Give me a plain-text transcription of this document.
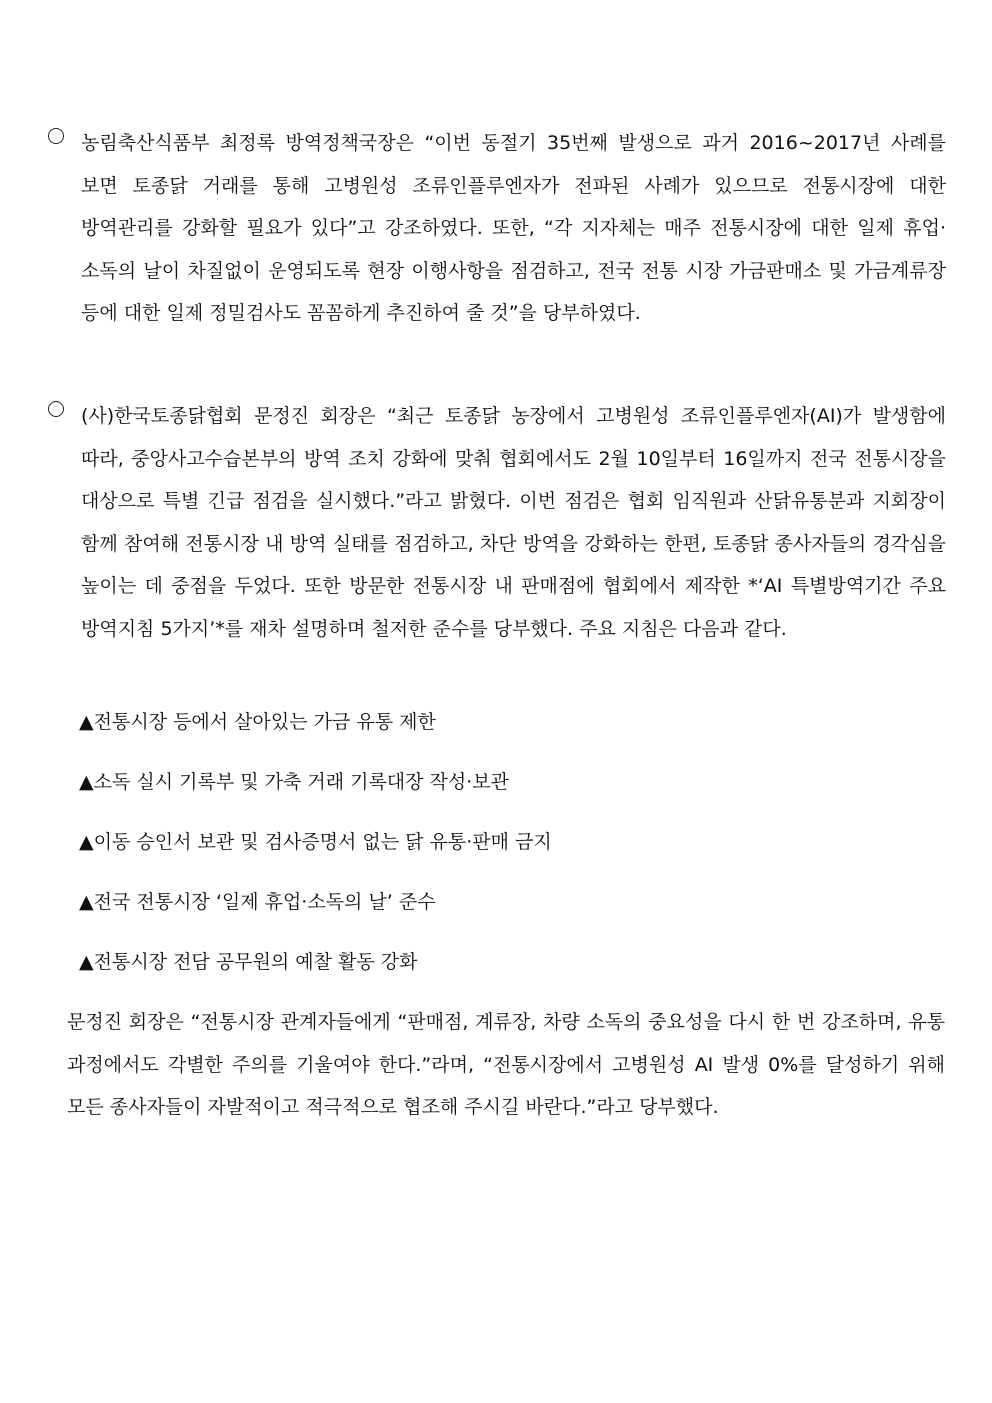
농림축산식품부 최정록 방역정책국장은 “이번 동절기 35번째 발생으로 과거 2016~2017년 사례를 보면 토종닭 거래를 통해 고병원성 조류인플루엔자가 전파된 사례가 있으므로 전통시장에 대한 방역관리를 강화할 필요가 있다”고 강조하였다. 또한, “각 지자체는 매주 전통시장에 대한 일제 휴업·소독의 날이 차질없이 운영되도록 현장 이행사항을 점검하고, 전국 전통 시장 가금판매소 및 가금계류장 등에 대한 일제 정밀검사도 꼼꼼하게 추진하여 줄 것”을 당부하였다.
(사)한국토종닭협회 문정진 회장은 “최근 토종닭 농장에서 고병원성 조류인플루엔자(AI)가 발생함에 따라, 중앙사고수습본부의 방역 조치 강화에 맞춰 협회에서도 2월 10일부터 16일까지 전국 전통시장을 대상으로 특별 긴급 점검을 실시했다.”라고 밝혔다. 이번 점검은 협회 임직원과 산닭유통분과 지회장이 함께 참여해 전통시장 내 방역 실태를 점검하고, 차단 방역을 강화하는 한편, 토종닭 종사자들의 경각심을 높이는 데 중점을 두었다. 또한 방문한 전통시장 내 판매점에 협회에서 제작한 *‘AI 특별방역기간 주요 방역지침 5가지’*를 재차 설명하며 철저한 준수를 당부했다. 주요 지침은 다음과 같다.
▲전통시장 등에서 살아있는 가금 유통 제한
▲소독 실시 기록부 및 가축 거래 기록대장 작성·보관
▲이동 승인서 보관 및 검사증명서 없는 닭 유통·판매 금지
▲전국 전통시장 ‘일제 휴업·소독의 날’ 준수
▲전통시장 전담 공무원의 예찰 활동 강화
문정진 회장은 “전통시장 관계자들에게 “판매점, 계류장, 차량 소독의 중요성을 다시 한 번 강조하며, 유통 과정에서도 각별한 주의를 기울여야 한다.”라며, “전통시장에서 고병원성 AI 발생 0%를 달성하기 위해 모든 종사자들이 자발적이고 적극적으로 협조해 주시길 바란다.”라고 당부했다.
